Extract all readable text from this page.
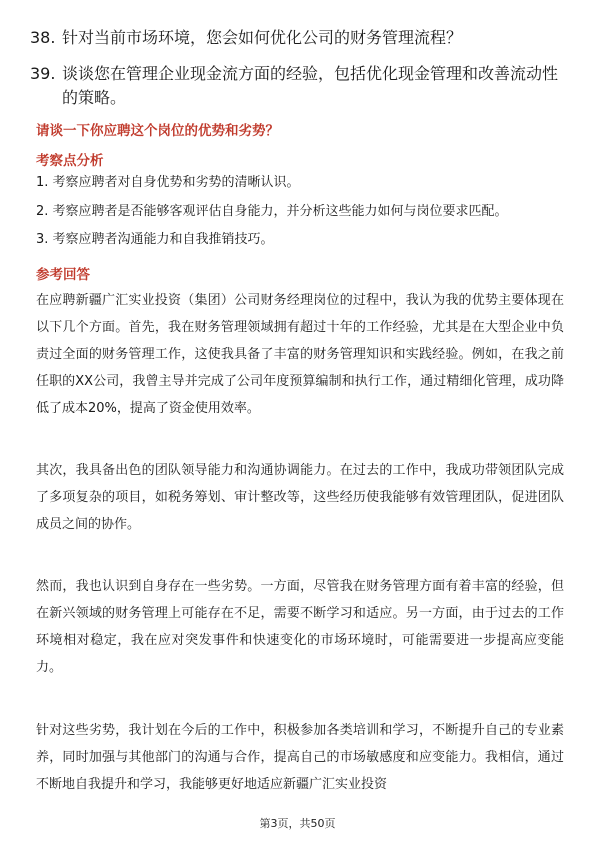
38. 针对当前市场环境，您会如何优化公司的财务管理流程？
39. 谈谈您在管理企业现金流方面的经验，包括优化现金管理和改善流动性的策略。
请谈一下你应聘这个岗位的优势和劣势？
考察点分析
1. 考察应聘者对自身优势和劣势的清晰认识。
2. 考察应聘者是否能够客观评估自身能力，并分析这些能力如何与岗位要求匹配。
3. 考察应聘者沟通能力和自我推销技巧。
参考回答

在应聘新疆广汇实业投资（集团）公司财务经理岗位的过程中，我认为我的优势主要体现在以下几个方面。首先，我在财务管理领域拥有超过十年的工作经验，尤其是在大型企业中负责过全面的财务管理工作，这使我具备了丰富的财务管理知识和实践经验。例如，在我之前任职的XX公司，我曾主导并完成了公司年度预算编制和执行工作，通过精细化管理，成功降低了成本20%，提高了资金使用效率。

其次，我具备出色的团队领导能力和沟通协调能力。在过去的工作中，我成功带领团队完成了多项复杂的项目，如税务筹划、审计整改等，这些经历使我能够有效管理团队，促进团队成员之间的协作。

然而，我也认识到自身存在一些劣势。一方面，尽管我在财务管理方面有着丰富的经验，但在新兴领域的财务管理上可能存在不足，需要不断学习和适应。另一方面，由于过去的工作环境相对稳定，我在应对突发事件和快速变化的市场环境时，可能需要进一步提高应变能力。

针对这些劣势，我计划在今后的工作中，积极参加各类培训和学习，不断提升自己的专业素养，同时加强与其他部门的沟通与合作，提高自己的市场敏感度和应变能力。我相信，通过不断地自我提升和学习，我能够更好地适应新疆广汇实业投资

第3页，共50页
